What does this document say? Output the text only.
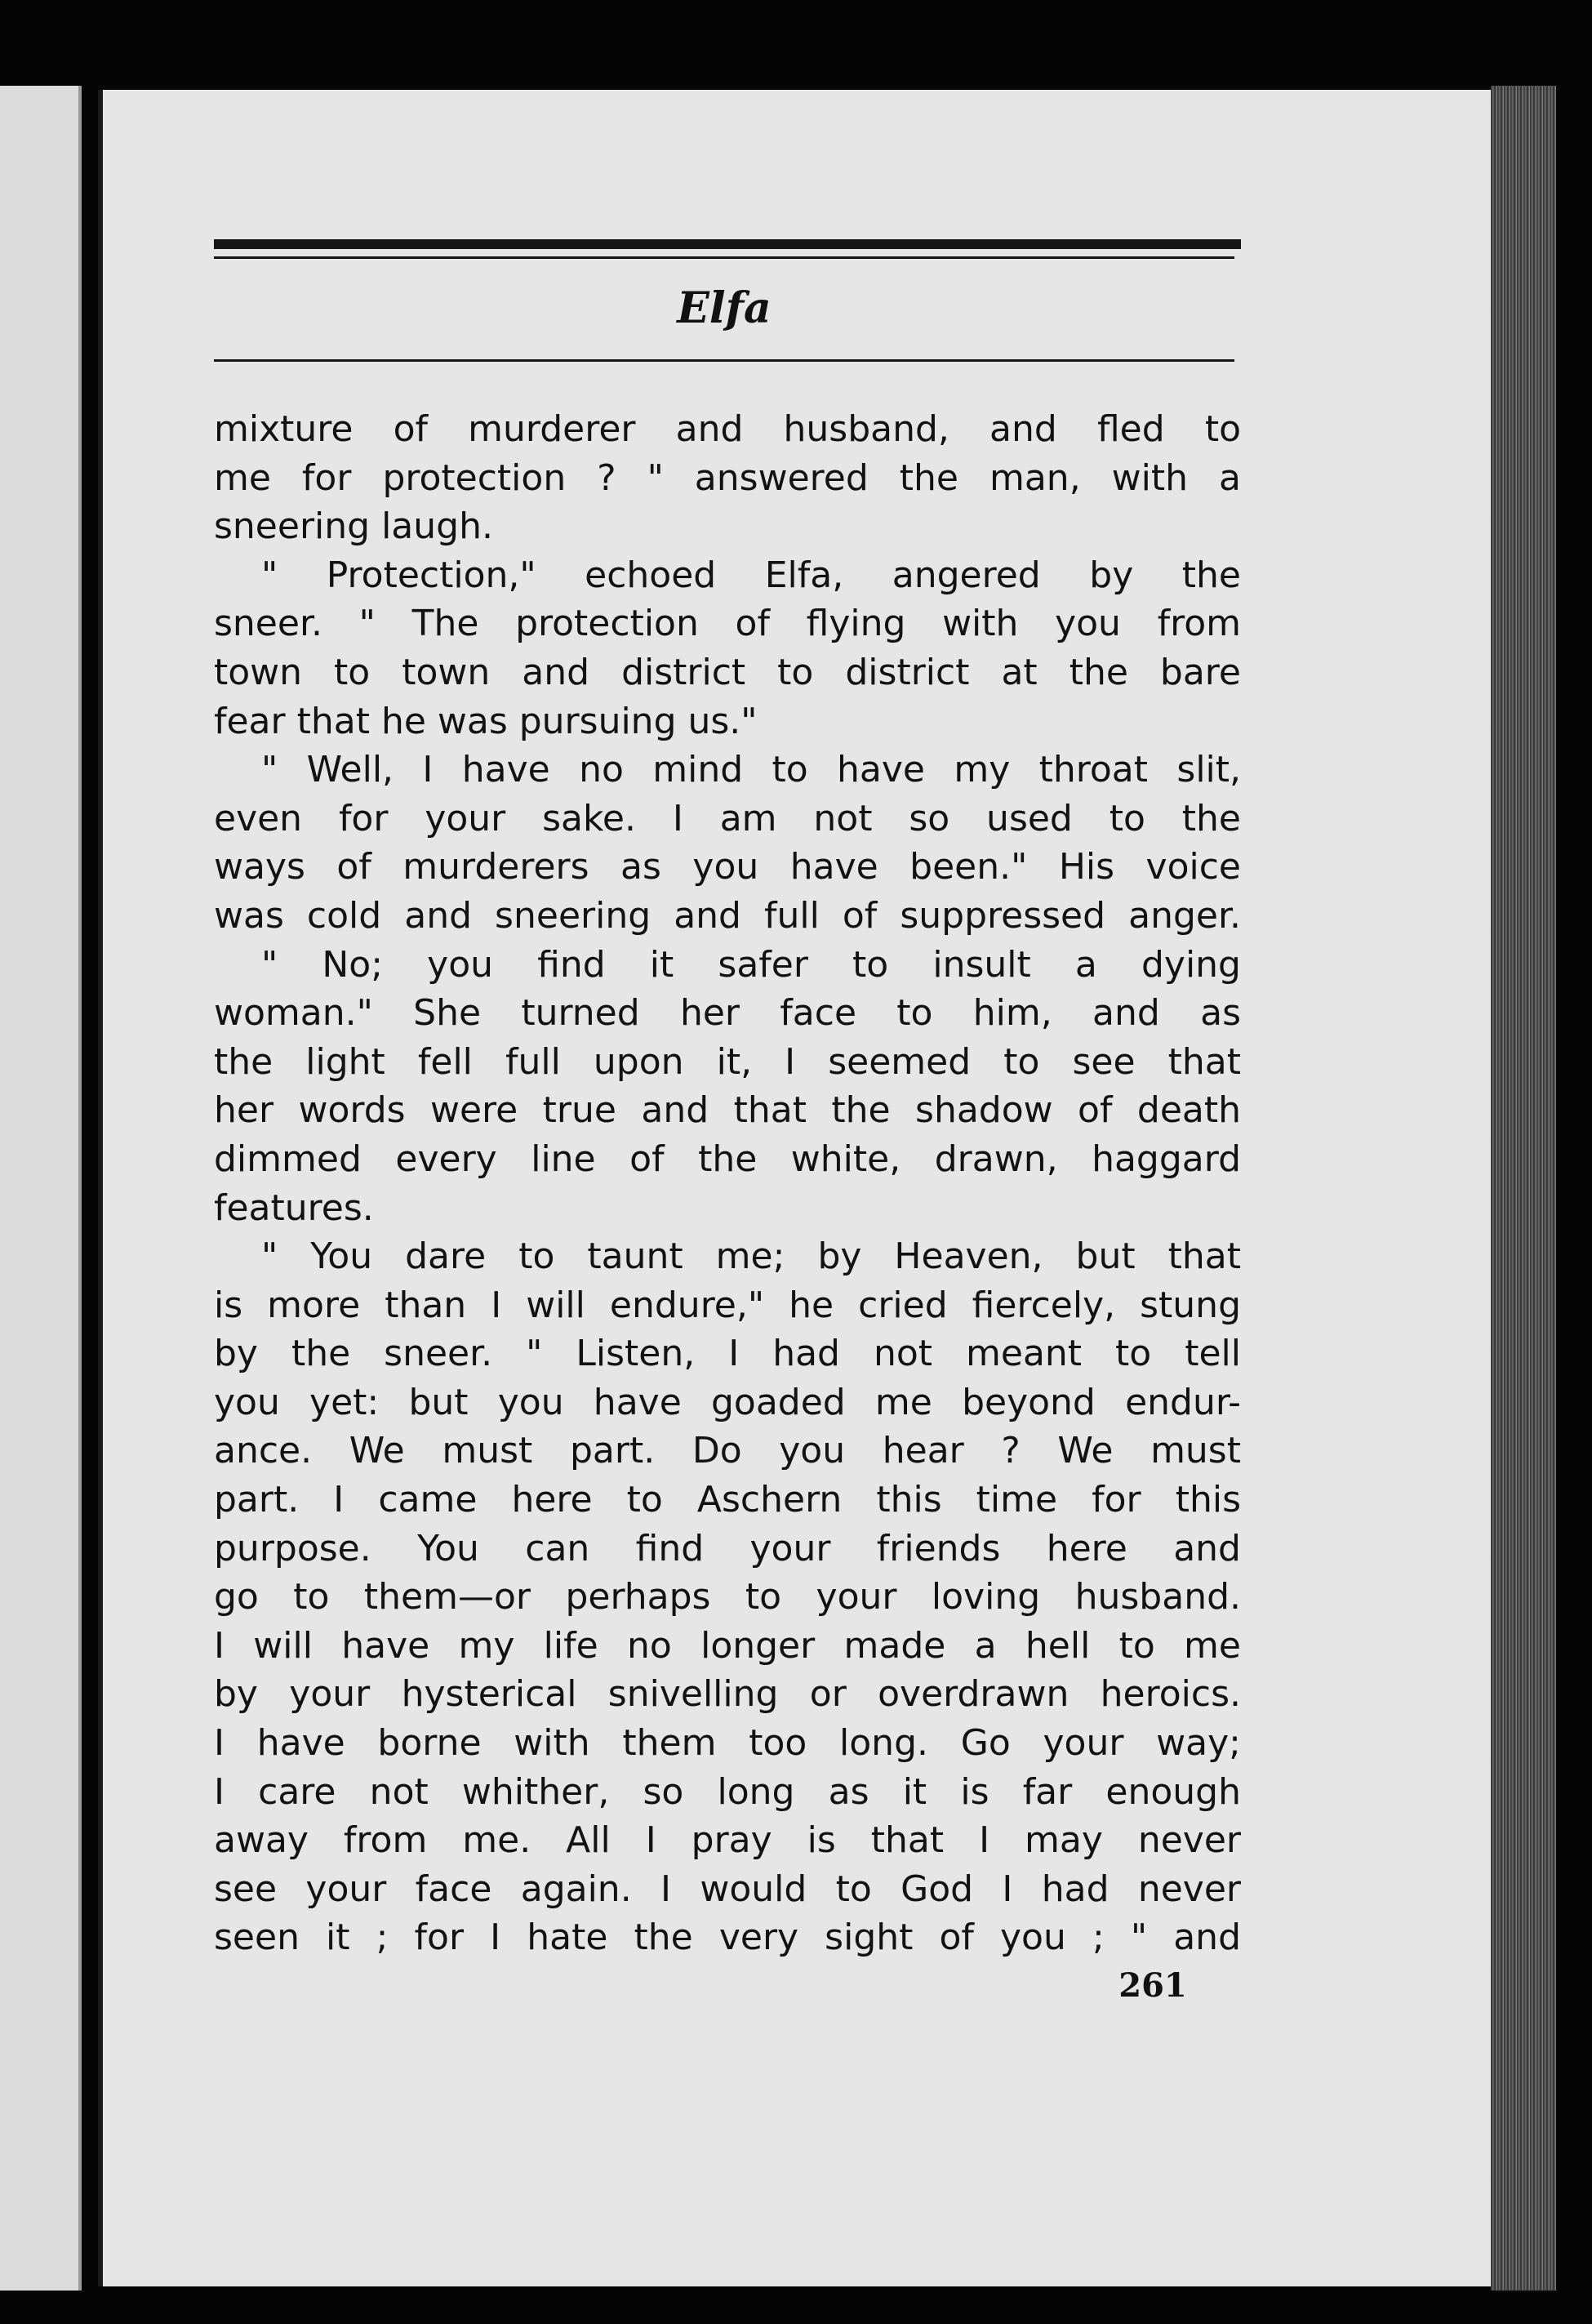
Elfa
mixture of murderer and husband, and fled to
me for protection ? " answered the man, with a
sneering laugh.
" Protection," echoed Elfa, angered by the
sneer. " The protection of flying with you from
town to town and district to district at the bare
fear that he was pursuing us."
" Well, I have no mind to have my throat slit,
even for your sake. I am not so used to the
ways of murderers as you have been." His voice
was cold and sneering and full of suppressed anger.
" No; you find it safer to insult a dying
woman." She turned her face to him, and as
the light fell full upon it, I seemed to see that
her words were true and that the shadow of death
dimmed every line of the white, drawn, haggard
features.
" You dare to taunt me; by Heaven, but that
is more than I will endure," he cried fiercely, stung
by the sneer. " Listen, I had not meant to tell
you yet: but you have goaded me beyond endur-
ance. We must part. Do you hear ? We must
part. I came here to Aschern this time for this
purpose. You can find your friends here and
go to them—or perhaps to your loving husband.
I will have my life no longer made a hell to me
by your hysterical snivelling or overdrawn heroics.
I have borne with them too long. Go your way;
I care not whither, so long as it is far enough
away from me. All I pray is that I may never
see your face again. I would to God I had never
seen it ; for I hate the very sight of you ; " and
261
